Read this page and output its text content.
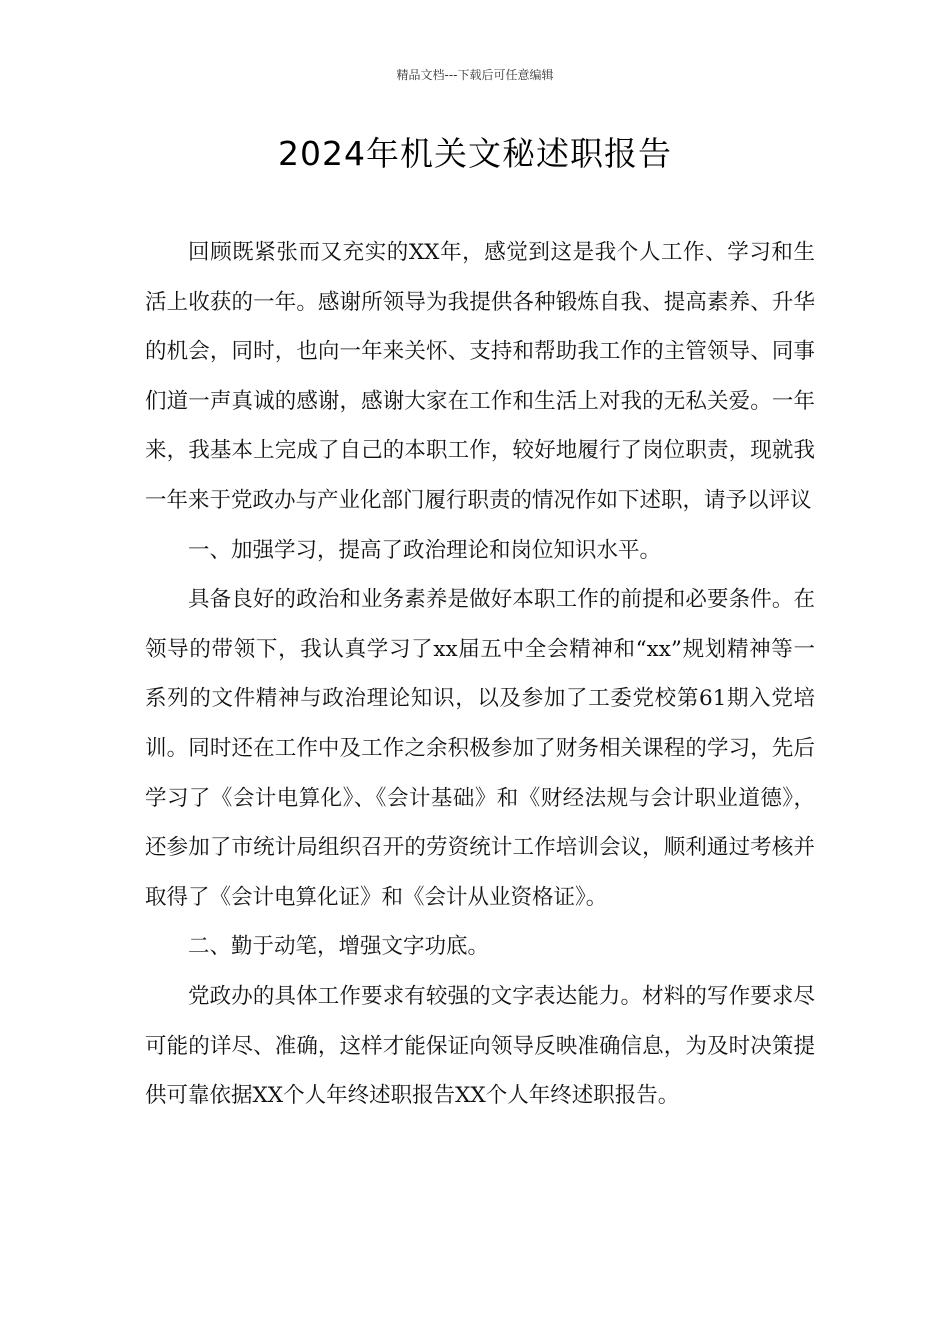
精品文档---下载后可任意编辑
2024年机关文秘述职报告

回顾既紧张而又充实的XX年，感觉到这是我个人工作、学习和生活上收获的一年。感谢所领导为我提供各种锻炼自我、提高素养、升华的机会，同时，也向一年来关怀、支持和帮助我工作的主管领导、同事们道一声真诚的感谢，感谢大家在工作和生活上对我的无私关爱。一年来，我基本上完成了自己的本职工作，较好地履行了岗位职责，现就我一年来于党政办与产业化部门履行职责的情况作如下述职，请予以评议

一、加强学习，提高了政治理论和岗位知识水平。

具备良好的政治和业务素养是做好本职工作的前提和必要条件。在领导的带领下，我认真学习了xx届五中全会精神和“xx”规划精神等一系列的文件精神与政治理论知识，以及参加了工委党校第61期入党培训。同时还在工作中及工作之余积极参加了财务相关课程的学习，先后学习了《会计电算化》、《会计基础》和《财经法规与会计职业道德》，还参加了市统计局组织召开的劳资统计工作培训会议，顺利通过考核并取得了《会计电算化证》和《会计从业资格证》。

二、勤于动笔，增强文字功底。

党政办的具体工作要求有较强的文字表达能力。材料的写作要求尽可能的详尽、准确，这样才能保证向领导反映准确信息，为及时决策提供可靠依据XX个人年终述职报告XX个人年终述职报告。
